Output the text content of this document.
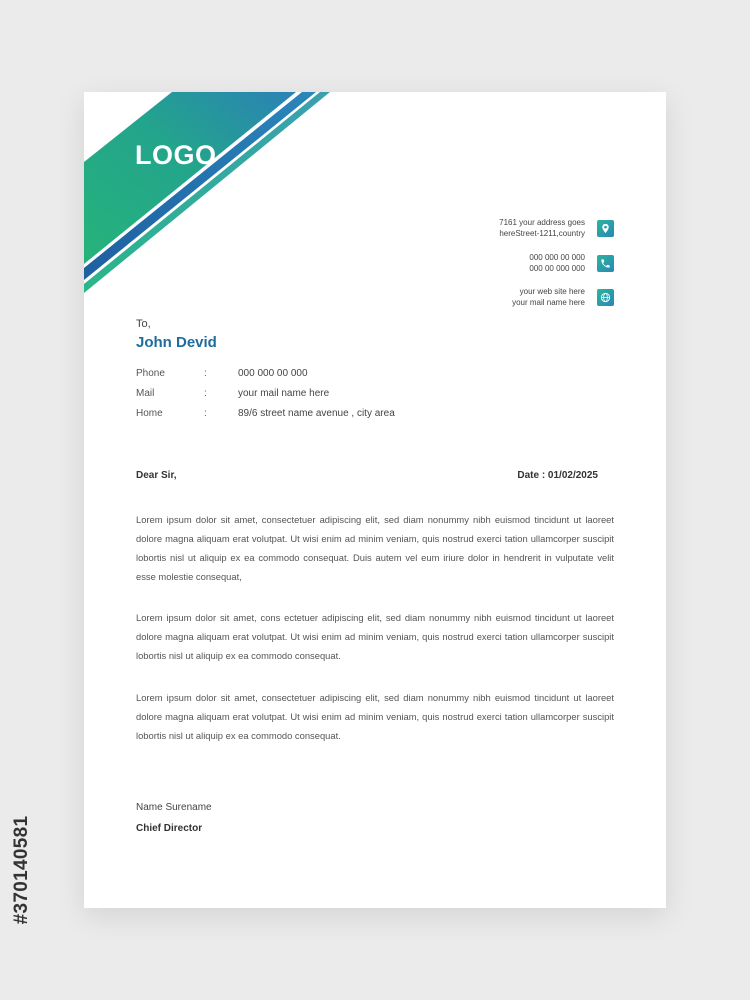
#370140581
LOGO
7161 your address goes
hereStreet-1211,country
000 000 00 000
000 00 000 000
your web site here
your mail name here
To,
John Devid
Phone	:	000 000 00 000
Mail	:	your mail name here
Home	:	89/6 street name avenue , city area
Dear Sir,	Date : 01/02/2025

Lorem ipsum dolor sit amet, consectetuer adipiscing elit, sed diam nonummy nibh euismod tincidunt ut laoreet dolore magna aliquam erat volutpat. Ut wisi enim ad minim veniam, quis nostrud exerci tation ullamcorper suscipit lobortis nisl ut aliquip ex ea commodo consequat. Duis autem vel eum iriure dolor in hendrerit in vulputate velit esse molestie consequat,

Lorem ipsum dolor sit amet, cons ectetuer adipiscing elit, sed diam nonummy nibh euismod tincidunt ut laoreet dolore magna aliquam erat volutpat. Ut wisi enim ad minim veniam, quis nostrud exerci tation ullamcorper suscipit lobortis nisl ut aliquip ex ea commodo consequat.

Lorem ipsum dolor sit amet, consectetuer adipiscing elit, sed diam nonummy nibh euismod tincidunt ut laoreet dolore magna aliquam erat volutpat. Ut wisi enim ad minim veniam, quis nostrud exerci tation ullamcorper suscipit lobortis nisl ut aliquip ex ea commodo consequat.

Name Surename
Chief Director
